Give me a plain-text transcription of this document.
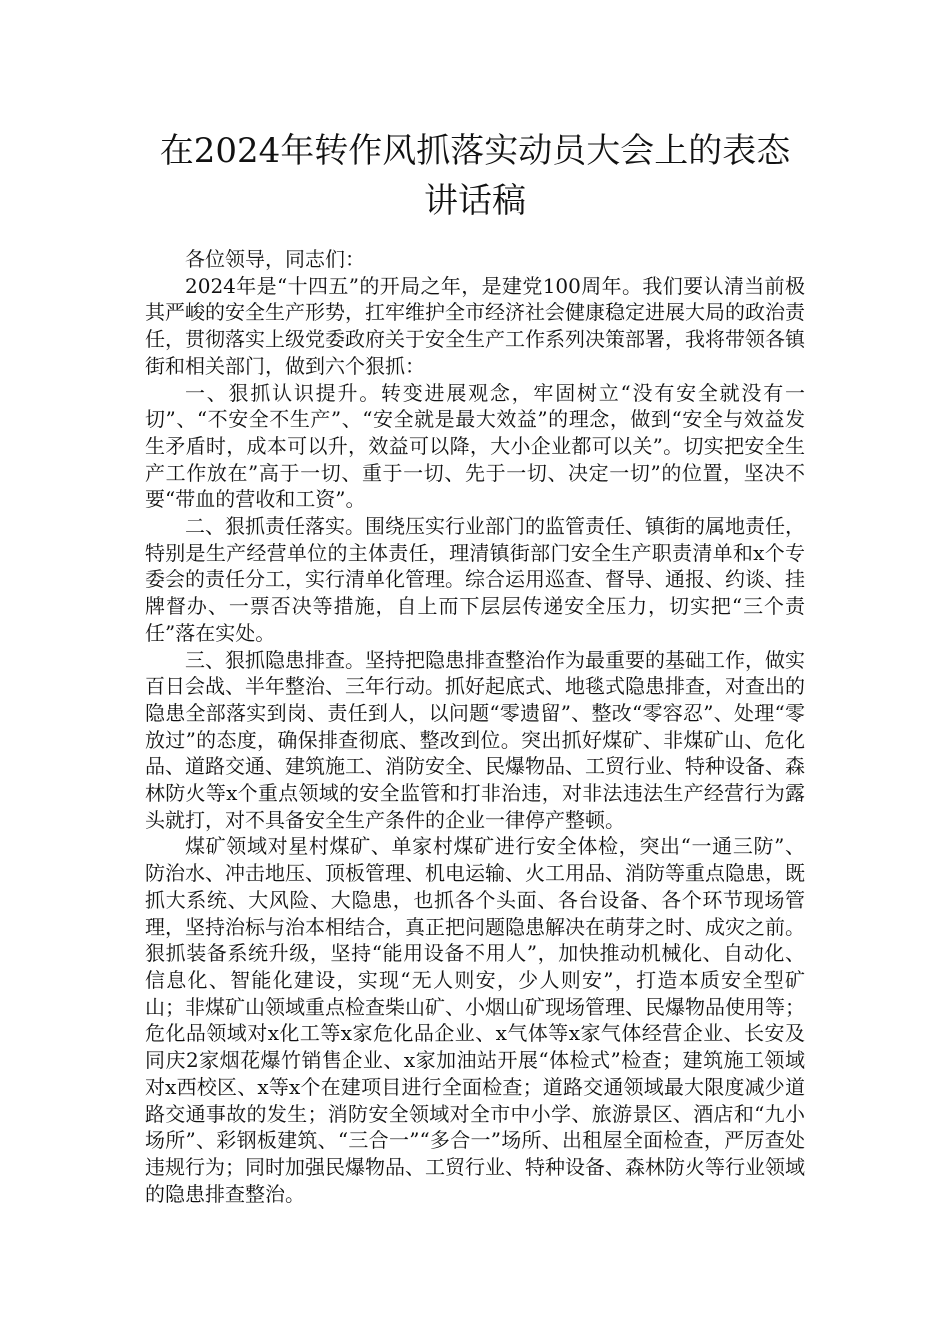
在2024年转作风抓落实动员大会上的表态讲话稿

各位领导，同志们：

2024年是“十四五”的开局之年，是建党100周年。我们要认清当前极其严峻的安全生产形势，扛牢维护全市经济社会健康稳定进展大局的政治责任，贯彻落实上级党委政府关于安全生产工作系列决策部署，我将带领各镇街和相关部门，做到六个狠抓：

一、狠抓认识提升。转变进展观念，牢固树立“没有安全就没有一切”、“不安全不生产”、“安全就是最大效益”的理念，做到“安全与效益发生矛盾时，成本可以升，效益可以降，大小企业都可以关”。切实把安全生产工作放在”高于一切、重于一切、先于一切、决定一切”的位置，坚决不要“带血的营收和工资”。

二、狠抓责任落实。围绕压实行业部门的监管责任、镇街的属地责任，特别是生产经营单位的主体责任，理清镇街部门安全生产职责清单和x个专委会的责任分工，实行清单化管理。综合运用巡查、督导、通报、约谈、挂牌督办、一票否决等措施，自上而下层层传递安全压力，切实把“三个责任”落在实处。

三、狠抓隐患排查。坚持把隐患排查整治作为最重要的基础工作，做实百日会战、半年整治、三年行动。抓好起底式、地毯式隐患排查，对查出的隐患全部落实到岗、责任到人，以问题“零遗留”、整改“零容忍”、处理“零放过”的态度，确保排查彻底、整改到位。突出抓好煤矿、非煤矿山、危化品、道路交通、建筑施工、消防安全、民爆物品、工贸行业、特种设备、森林防火等x个重点领域的安全监管和打非治违，对非法违法生产经营行为露头就打，对不具备安全生产条件的企业一律停产整顿。

煤矿领域对星村煤矿、单家村煤矿进行安全体检，突出“一通三防”、防治水、冲击地压、顶板管理、机电运输、火工用品、消防等重点隐患，既抓大系统、大风险、大隐患，也抓各个头面、各台设备、各个环节现场管理，坚持治标与治本相结合，真正把问题隐患解决在萌芽之时、成灾之前。狠抓装备系统升级，坚持“能用设备不用人”，加快推动机械化、自动化、信息化、智能化建设，实现“无人则安，少人则安”，打造本质安全型矿山；非煤矿山领域重点检查柴山矿、小烟山矿现场管理、民爆物品使用等；危化品领域对x化工等x家危化品企业、x气体等x家气体经营企业、长安及同庆2家烟花爆竹销售企业、x家加油站开展“体检式”检查；建筑施工领域对x西校区、x等x个在建项目进行全面检查；道路交通领域最大限度减少道路交通事故的发生；消防安全领域对全市中小学、旅游景区、酒店和“九小场所”、彩钢板建筑、“三合一”“多合一”场所、出租屋全面检查，严厉查处违规行为；同时加强民爆物品、工贸行业、特种设备、森林防火等行业领域的隐患排查整治。
